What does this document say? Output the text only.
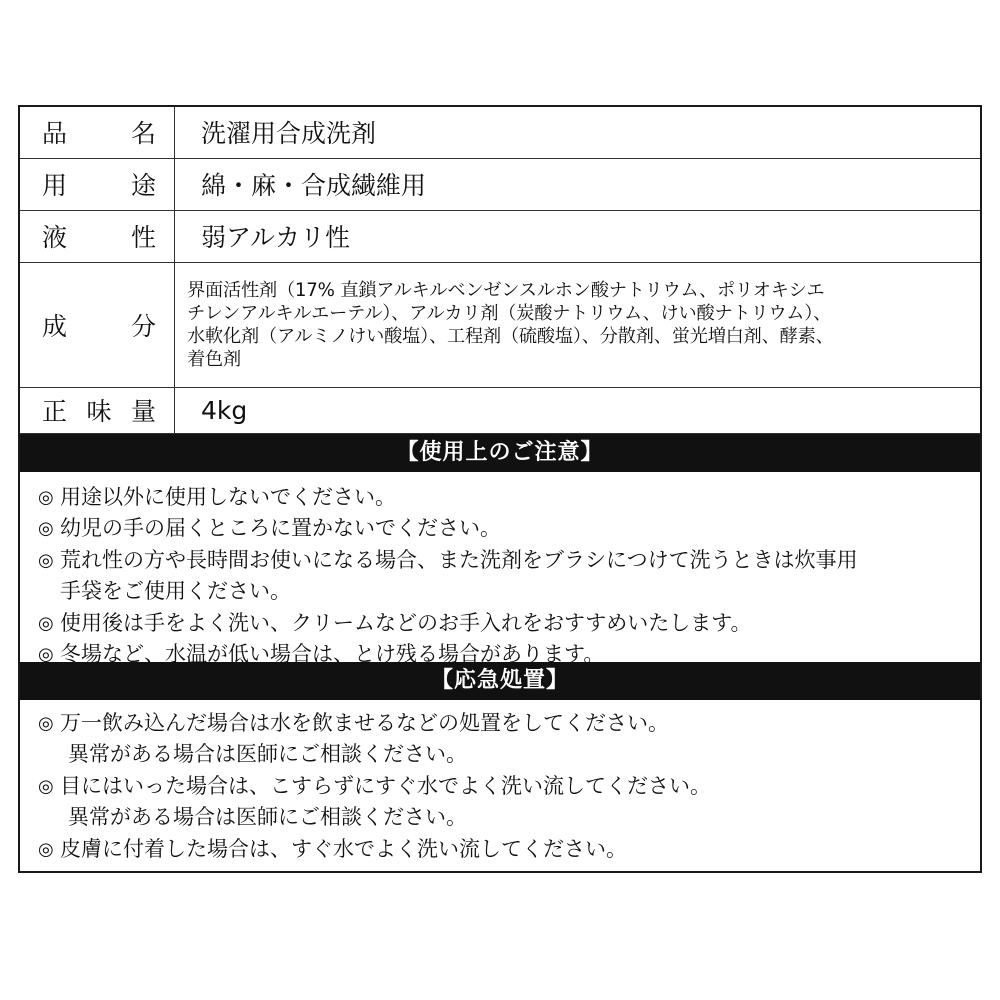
品 名	洗濯用合成洗剤

用 途	綿・麻・合成繊維用

液 性	弱アルカリ性

成 分	界面活性剤（17% 直鎖アルキルベンゼンスルホン酸ナトリウム、ポリオキシエ
チレンアルキルエーテル）、アルカリ剤（炭酸ナトリウム、けい酸ナトリウム）、
水軟化剤（アルミノけい酸塩）、工程剤（硫酸塩）、分散剤、蛍光増白剤、酵素、
着色剤

正 味 量	4kg
【使用上のご注意】
◎ 用途以外に使用しないでください。
◎ 幼児の手の届くところに置かないでください。
◎ 荒れ性の方や長時間お使いになる場合、また洗剤をブラシにつけて洗うときは炊事用
手袋をご使用ください。
◎ 使用後は手をよく洗い、クリームなどのお手入れをおすすめいたします。
◎ 冬場など、水温が低い場合は、とけ残る場合があります。
【応急処置】
◎ 万一飲み込んだ場合は水を飲ませるなどの処置をしてください。
異常がある場合は医師にご相談ください。
◎ 目にはいった場合は、こすらずにすぐ水でよく洗い流してください。
異常がある場合は医師にご相談ください。
◎ 皮膚に付着した場合は、すぐ水でよく洗い流してください。
